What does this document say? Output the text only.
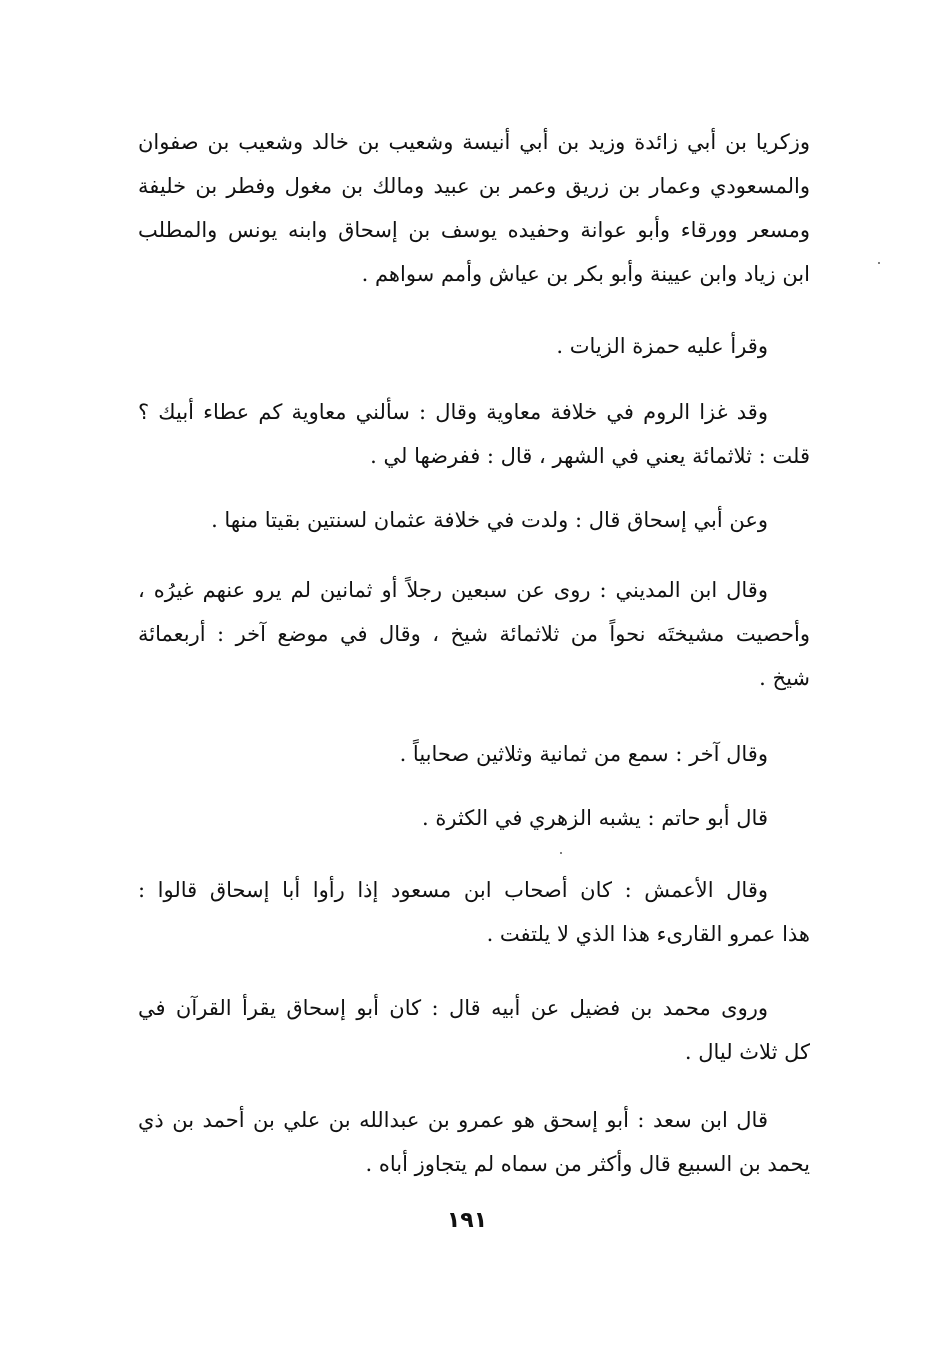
وزكريا بن أبي زائدة وزيد بن أبي أنيسة وشعيب بن خالد وشعيب بن صفوان
والمسعودي وعمار بن زريق وعمر بن عبيد ومالك بن مغول وفطر بن خليفة
ومسعر وورقاء وأبو عوانة وحفيده يوسف بن إسحاق وابنه يونس والمطلب
ابن زياد وابن عيينة وأبو بكر بن عياش وأمم سواهم .
وقرأ عليه حمزة الزيات .
وقد غزا الروم في خلافة معاوية وقال : سألني معاوية كم عطاء أبيك ؟
قلت : ثلاثمائة يعني في الشهر ، قال : ففرضها لي .
وعن أبي إسحاق قال : ولدت في خلافة عثمان لسنتين بقيتا منها .
وقال ابن المديني : روى عن سبعين رجلاً أو ثمانين لم يرو عنهم غيرُه ،
وأحصيت مشيختَه نحواً من ثلاثمائة شيخ ، وقال في موضع آخر : أربعمائة
شيخ .
وقال آخر : سمع من ثمانية وثلاثين صحابياً .
قال أبو حاتم : يشبه الزهري في الكثرة .
وقال الأعمش : كان أصحاب ابن مسعود إذا رأوا أبا إسحاق قالوا :
هذا عمرو القارىء هذا الذي لا يلتفت .
وروى محمد بن فضيل عن أبيه قال : كان أبو إسحاق يقرأ القرآن في
كل ثلاث ليال .
قال ابن سعد : أبو إسحق هو عمرو بن عبدالله بن علي بن أحمد بن ذي
يحمد بن السبيع قال وأكثر من سماه لم يتجاوز أباه .
١٩١
